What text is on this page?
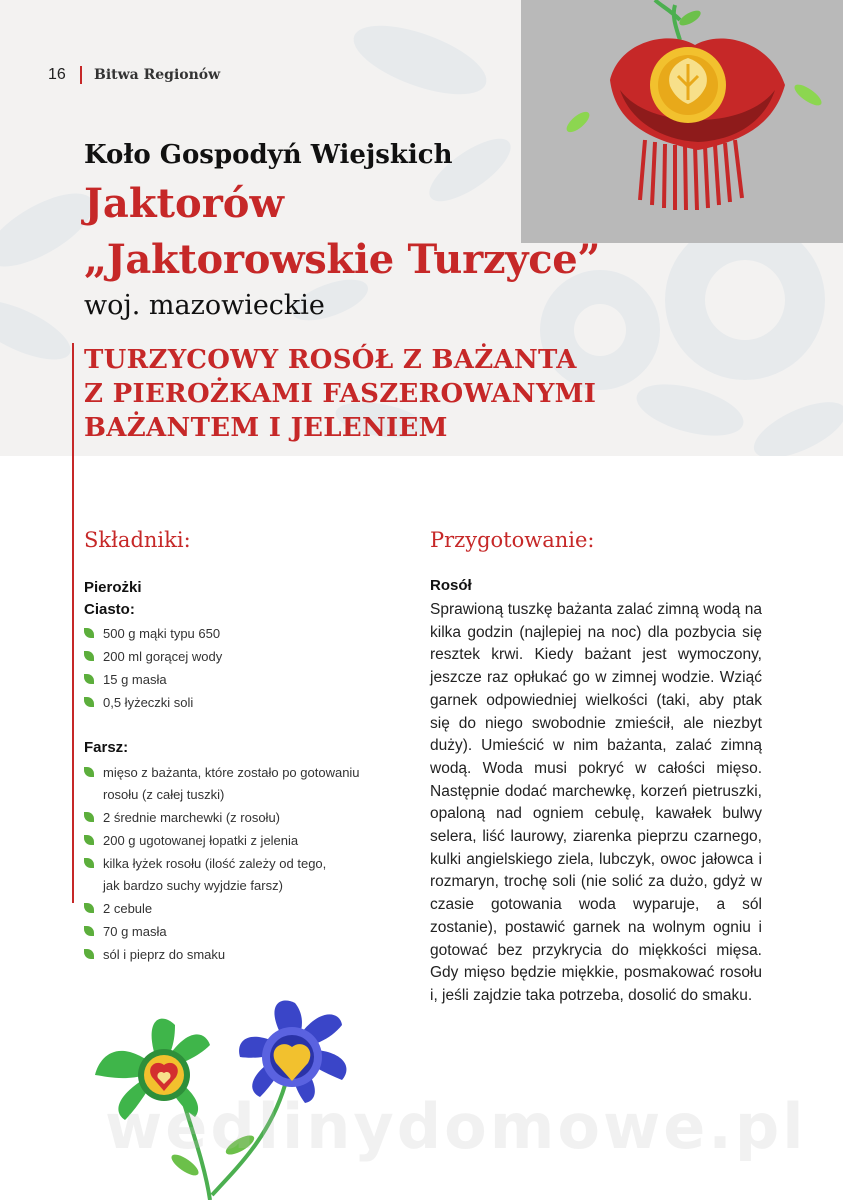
16 Bitwa Regionów
Koło Gospodyń Wiejskich
Jaktorów
„Jaktorowskie Turzyce”
woj. mazowieckie
TURZYCOWY ROSÓŁ Z BAŻANTA
Z PIEROŻKAMI FASZEROWANYMI
BAŻANTEM I JELENIEM
Składniki:	Przygotowanie:
Pierożki
Ciasto:
500 g mąki typu 650
200 ml gorącej wody
15 g masła
0,5 łyżeczki soli
Farsz:
mięso z bażanta, które zostało po gotowaniu
rosołu (z całej tuszki)
2 średnie marchewki (z rosołu)
200 g ugotowanej łopatki z jelenia
kilka łyżek rosołu (ilość zależy od tego,
jak bardzo suchy wyjdzie farsz)
2 cebule
70 g masła
sól i pieprz do smaku
Rosół

Sprawioną tuszkę bażanta zalać zimną wodą na kilka godzin (najlepiej na noc) dla pozbycia się resztek krwi. Kiedy bażant jest wymoczony, jeszcze raz opłukać go w zimnej wodzie. Wziąć garnek odpowiedniej wielkości (taki, aby ptak się do niego swobodnie zmieścił, ale niezbyt duży). Umieścić w nim bażanta, zalać zimną wodą. Woda musi pokryć w całości mięso. Następnie dodać marchewkę, korzeń pietruszki, opaloną nad ogniem cebulę, kawałek bulwy selera, liść laurowy, ziarenka pieprzu czarnego, kulki angielskiego ziela, lubczyk, owoc jałowca i rozmaryn, trochę soli (nie solić za dużo, gdyż w czasie gotowania woda wyparuje, a sól zostanie), postawić garnek na wolnym ogniu i gotować bez przykrycia do miękkości mięsa. Gdy mięso będzie miękkie, posmakować rosołu i, jeśli zajdzie taka potrzeba, dosolić do smaku.

wedlinydomowe.pl
